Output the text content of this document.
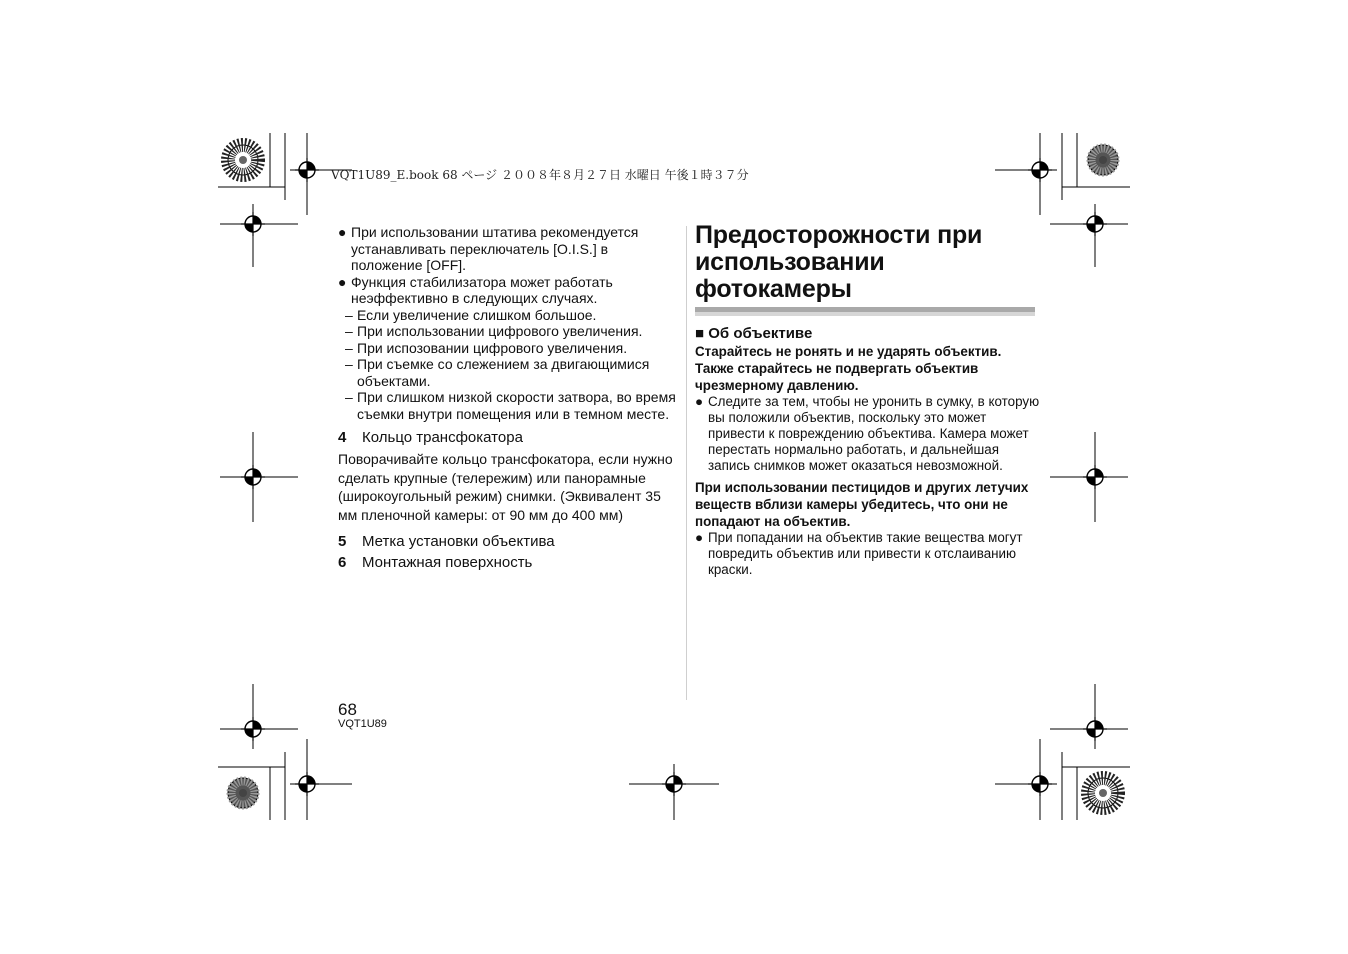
VQT1U89_E.book 68 ページ ２００８年８月２７日 水曜日 午後１時３７分

● При использовании штатива рекомендуется устанавливать переключатель [O.I.S.] в положение [OFF].

● Функция стабилизатора может работать неэффективно в следующих случаях.

– Если увеличение слишком большое.

– При использовании цифрового увеличения.

– При испозовании цифрового увеличения.

– При съемке со слежением за двигающимися объектами.

– При слишком низкой скорости затвора, во время съемки внутри помещения или в темном месте.

4 Кольцо трансфокатора

Поворачивайте кольцо трансфокатора, если нужно сделать крупные (телережим) или панорамные (широкоугольный режим) снимки. (Эквивалент 35 мм пленочной камеры: от 90 мм до 400 мм)

5 Метка установки объектива
6 Монтажная поверхность
Предосторожности при использовании фотокамеры
■ Об объективе

Старайтесь не ронять и не ударять объектив. Также старайтесь не подвергать объектив чрезмерному давлению.

● Следите за тем, чтобы не уронить в сумку, в которую вы положили объектив, поскольку это может привести к повреждению объектива. Камера может перестать нормально работать, и дальнейшая запись снимков может оказаться невозможной.

При использовании пестицидов и других летучих веществ вблизи камеры убедитесь, что они не попадают на объектив.

● При попадании на объектив такие вещества могут повредить объектив или привести к отслаиванию краски.

68
VQT1U89
